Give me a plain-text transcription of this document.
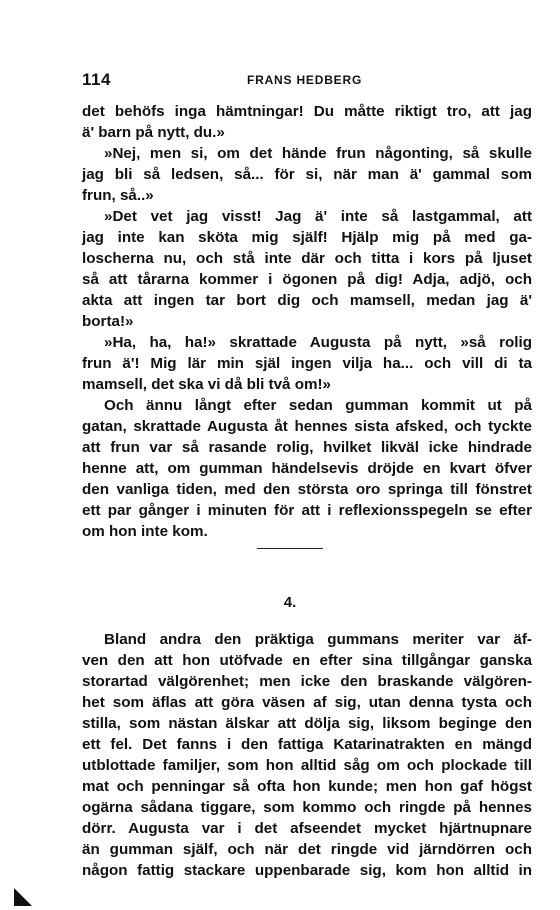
114	FRANS HEDBERG
det behöfs inga hämtningar! Du måtte riktigt tro, att jag
ä' barn på nytt, du.»
»Nej, men si, om det hände frun någonting, så skulle
jag bli så ledsen, så... för si, när man ä' gammal som
frun, så..»
»Det vet jag visst! Jag ä' inte så lastgammal, att
jag inte kan sköta mig själf! Hjälp mig på med ga-
loscherna nu, och stå inte där och titta i kors på ljuset
så att tårarna kommer i ögonen på dig! Adja, adjö, och
akta att ingen tar bort dig och mamsell, medan jag ä'
borta!»
»Ha, ha, ha!» skrattade Augusta på nytt, »så rolig
frun ä'! Mig lär min själ ingen vilja ha... och vill di ta
mamsell, det ska vi då bli två om!»
Och ännu långt efter sedan gumman kommit ut på
gatan, skrattade Augusta åt hennes sista afsked, och tyckte
att frun var så rasande rolig, hvilket likväl icke hindrade
henne att, om gumman händelsevis dröjde en kvart öfver
den vanliga tiden, med den största oro springa till fönstret
ett par gånger i minuten för att i reflexionsspegeln se efter
om hon inte kom.
4.
Bland andra den präktiga gummans meriter var äf-
ven den att hon utöfvade en efter sina tillgångar ganska
storartad välgörenhet; men icke den braskande välgören-
het som äflas att göra väsen af sig, utan denna tysta och
stilla, som nästan älskar att dölja sig, liksom beginge den
ett fel. Det fanns i den fattiga Katarinatrakten en mängd
utblottade familjer, som hon alltid såg om och plockade till
mat och penningar så ofta hon kunde; men hon gaf högst
ogärna sådana tiggare, som kommo och ringde på hennes
dörr. Augusta var i det afseendet mycket hjärtnupnare
än gumman själf, och när det ringde vid järndörren och
någon fattig stackare uppenbarade sig, kom hon alltid in
